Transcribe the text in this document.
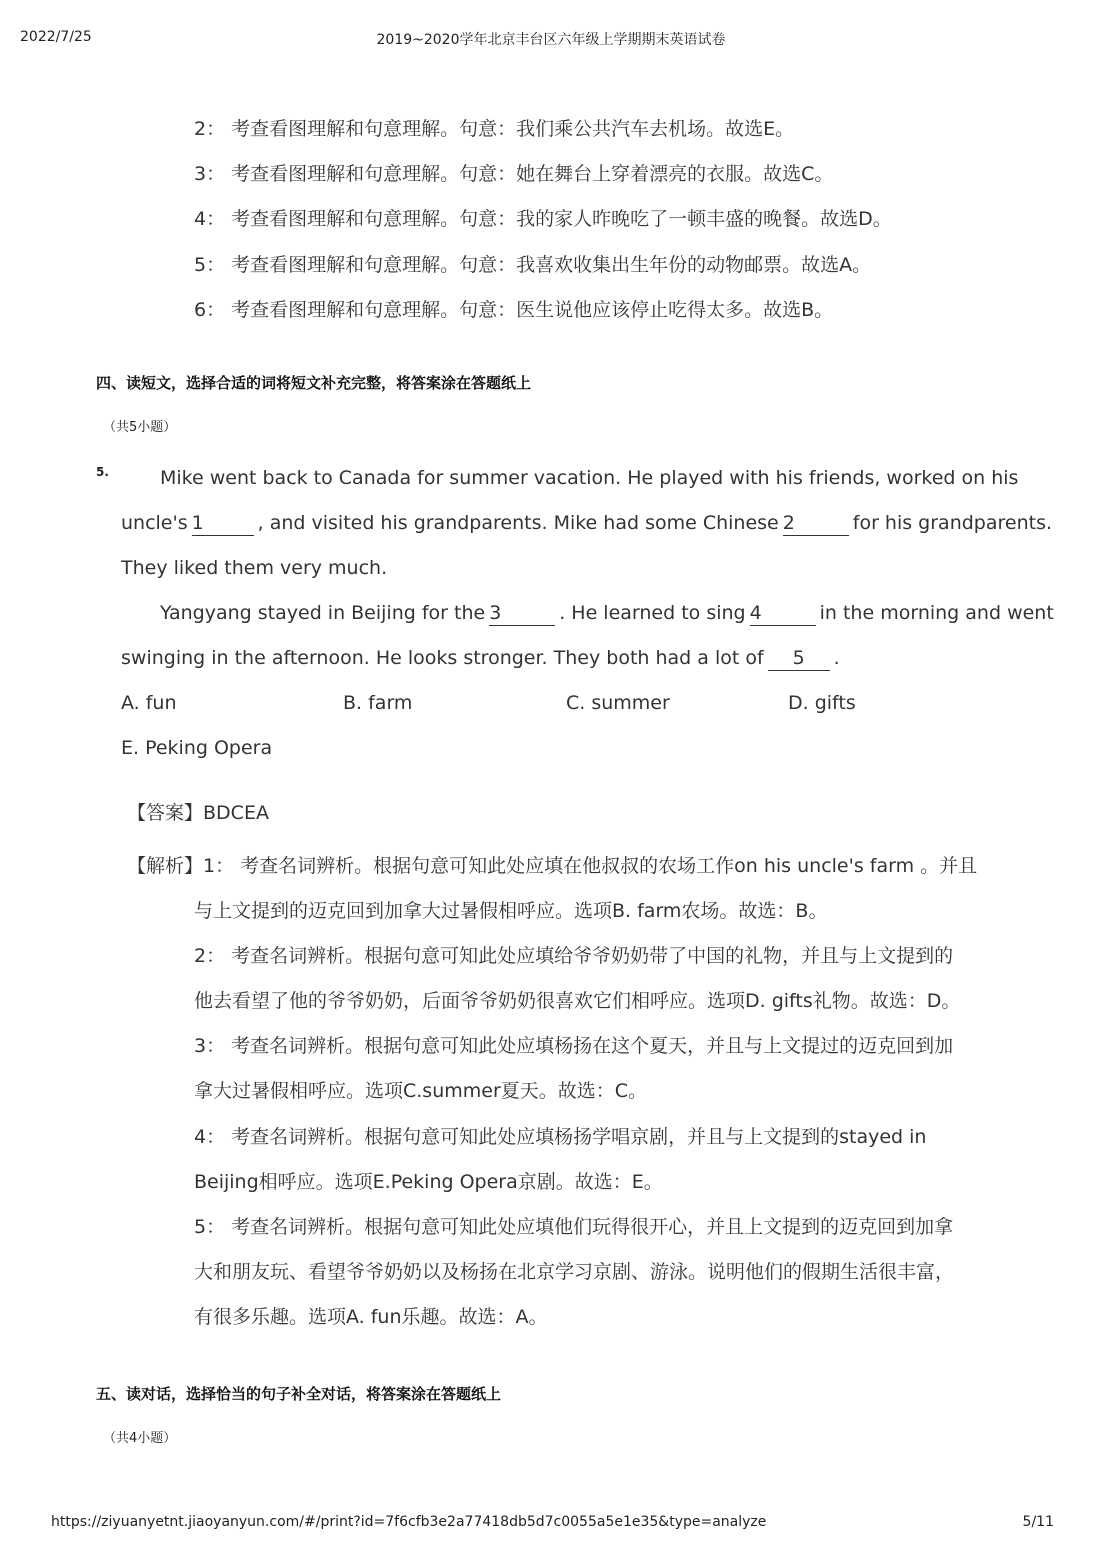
2022/7/25	2019~2020学年北京丰台区六年级上学期期末英语试卷
2： 考查看图理解和句意理解。句意：我们乘公共汽车去机场。故选E。
3： 考查看图理解和句意理解。句意：她在舞台上穿着漂亮的衣服。故选C。
4： 考查看图理解和句意理解。句意：我的家人昨晚吃了一顿丰盛的晚餐。故选D。
5： 考查看图理解和句意理解。句意：我喜欢收集出生年份的动物邮票。故选A。
6： 考查看图理解和句意理解。句意：医生说他应该停止吃得太多。故选B。
四、读短文，选择合适的词将短文补充完整，将答案涂在答题纸上
（共5小题）
5.	Mike went back to Canada for summer vacation. He played with his friends, worked on his
uncle's 1	, and visited his grandparents. Mike had some Chinese 2	for his grandparents.
They liked them very much.
Yangyang stayed in Beijing for the 3	. He learned to sing 4	in the morning and went
swinging in the afternoon. He looks stronger. They both had a lot of 5 .
A. fun	B. farm	C. summer	D. gifts
E. Peking Opera
【答案】BDCEA
【解析】1： 考查名词辨析。根据句意可知此处应填在他叔叔的农场工作on his uncle's farm 。并且
与上文提到的迈克回到加拿大过暑假相呼应。选项B. farm农场。故选：B。
2： 考查名词辨析。根据句意可知此处应填给爷爷奶奶带了中国的礼物，并且与上文提到的
他去看望了他的爷爷奶奶，后面爷爷奶奶很喜欢它们相呼应。选项D. gifts礼物。故选：D。
3： 考查名词辨析。根据句意可知此处应填杨扬在这个夏天，并且与上文提过的迈克回到加
拿大过暑假相呼应。选项C.summer夏天。故选：C。
4： 考查名词辨析。根据句意可知此处应填杨扬学唱京剧，并且与上文提到的stayed in
Beijing相呼应。选项E.Peking Opera京剧。故选：E。
5： 考查名词辨析。根据句意可知此处应填他们玩得很开心，并且上文提到的迈克回到加拿
大和朋友玩、看望爷爷奶奶以及杨扬在北京学习京剧、游泳。说明他们的假期生活很丰富，
有很多乐趣。选项A. fun乐趣。故选：A。
五、读对话，选择恰当的句子补全对话，将答案涂在答题纸上
（共4小题）
https://ziyuanyetnt.jiaoyanyun.com/#/print?id=7f6cfb3e2a77418db5d7c0055a5e1e35&type=analyze	5/11
